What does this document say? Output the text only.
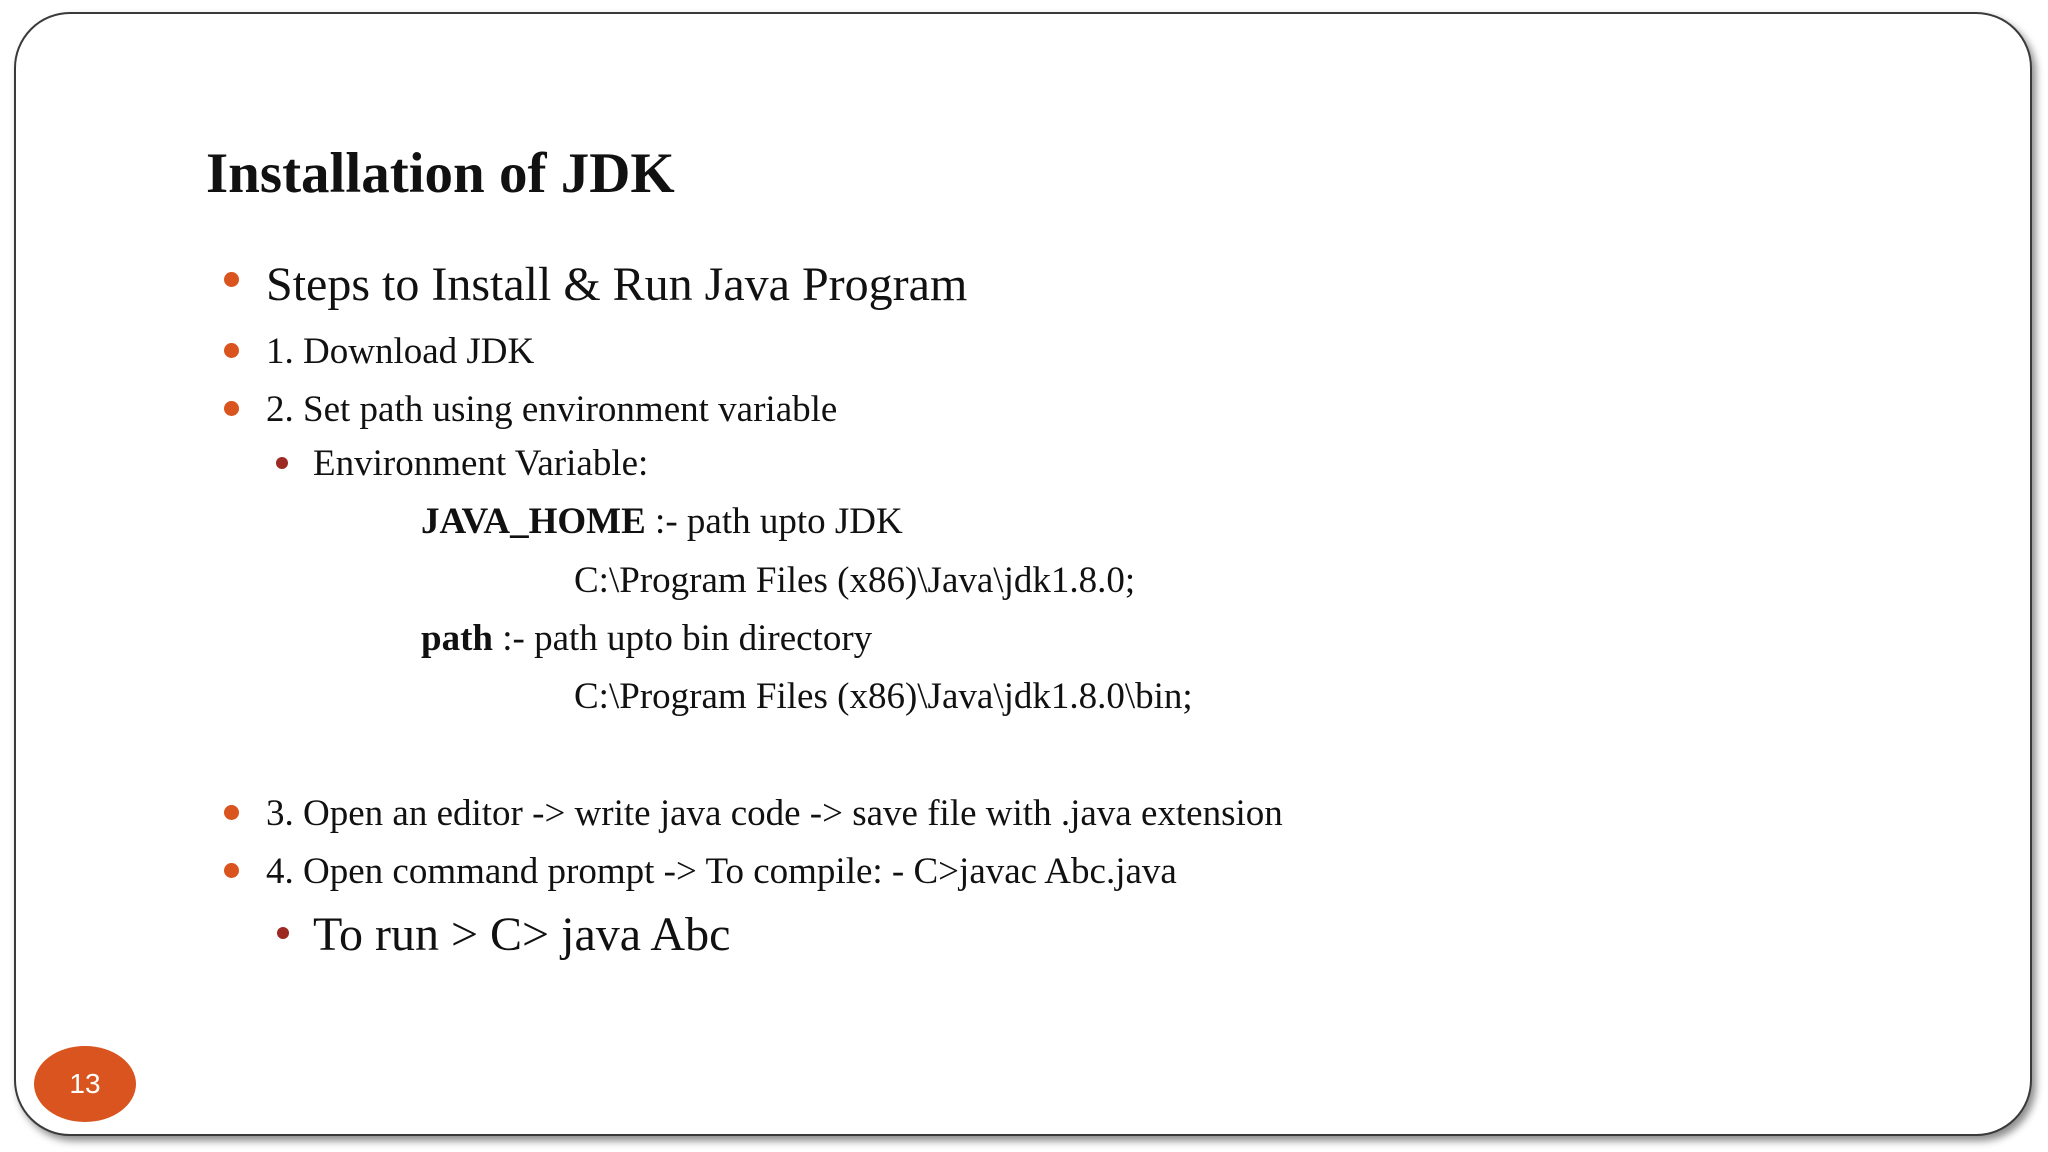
Installation of JDK
Steps to Install & Run Java Program
1. Download JDK
2. Set path using environment variable
Environment Variable:
JAVA_HOME :- path upto JDK
C:\Program Files (x86)\Java\jdk1.8.0;
path :- path upto bin directory
C:\Program Files (x86)\Java\jdk1.8.0\bin;
3. Open an editor -> write java code -> save file with .java extension
4. Open command prompt -> To compile: - C>javac Abc.java
To run > C> java Abc
13
